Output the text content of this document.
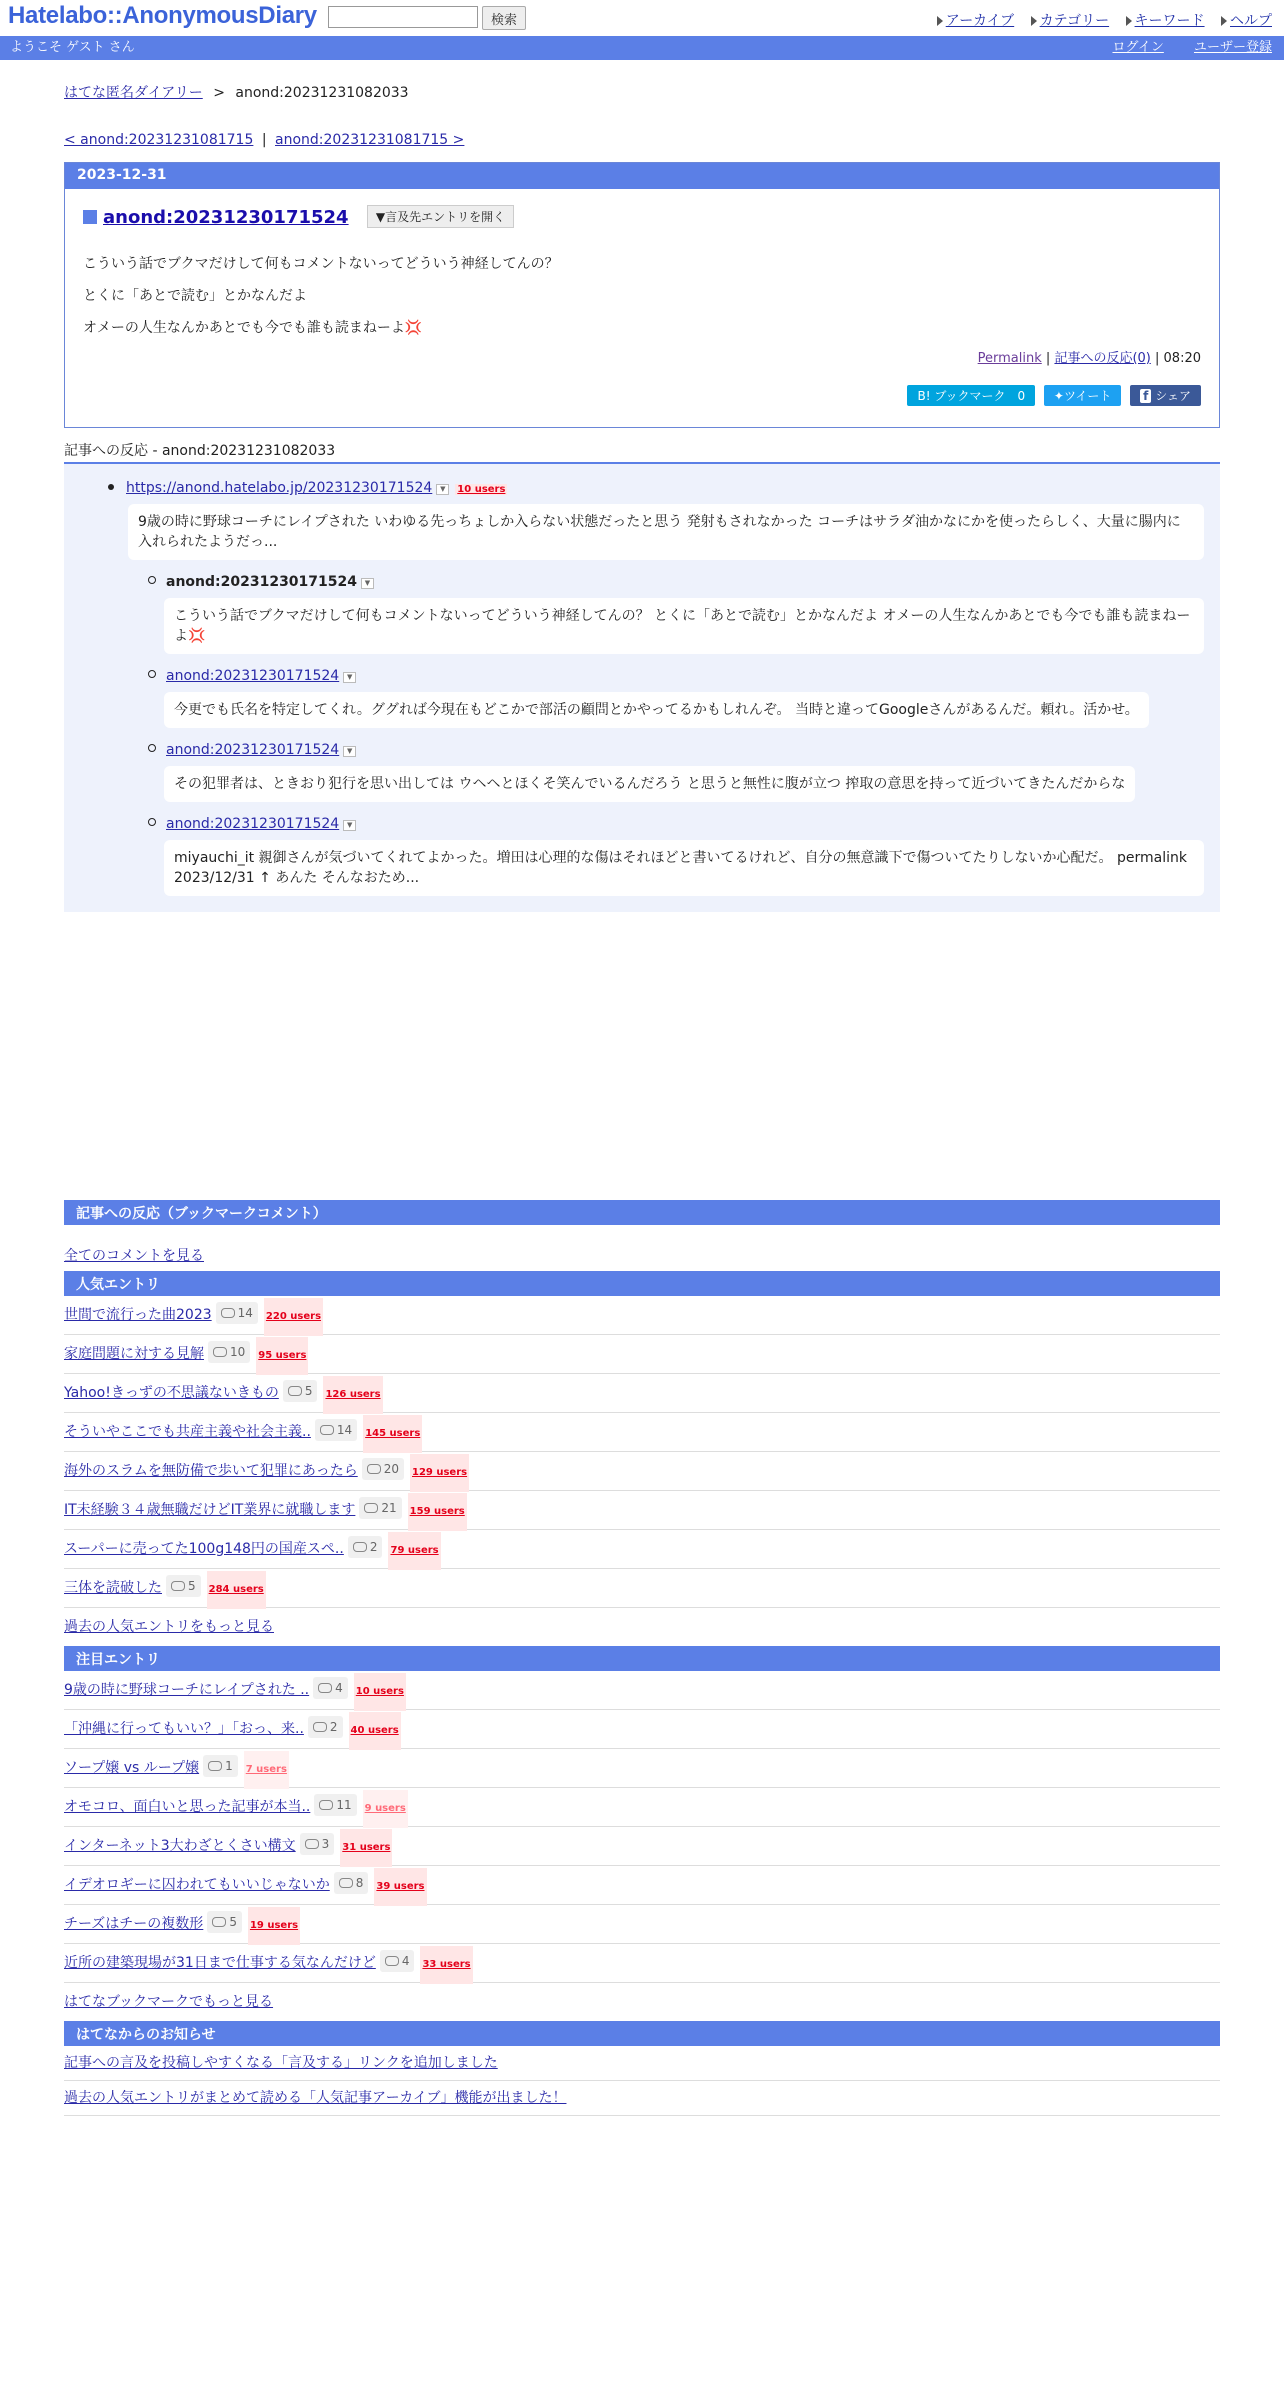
Hatelabo::AnonymousDiary	検索	アーカイブ カテゴリー キーワード ヘルプ
ようこそ ゲスト さん	ログイン ユーザー登録
はてな匿名ダイアリー > anond:20231231082033
< anond:20231231081715 | anond:20231231081715 >
2023-12-31
anond:20231230171524 ▼言及先エントリを開く

こういう話でブクマだけして何もコメントないってどういう神経してんの？

とくに「あとで読む」とかなんだよ

オメーの人生なんかあとでも今でも誰も読まねーよ💢

Permalink | 記事への反応(0) | 08:20
B! ブックマーク　0 ✦ツイート	f シェア
記事への反応 - anond:20231231082033
https://anond.hatelabo.jp/20231230171524 ▼ 10 users
9歳の時に野球コーチにレイプされた いわゆる先っちょしか入らない状態だったと思う 発射もされなかった コーチはサラダ油かなにかを使ったらしく、大量に腸内に入れられたようだっ...
anond:20231230171524 ▼ こういう話でブクマだけして何もコメントないってどういう神経してんの？ とくに「あとで読む」とかなんだよ オメーの人生なんかあとでも今でも誰も読まねーよ💢
anond:20231230171524 ▼
今更でも氏名を特定してくれ。ググれば今現在もどこかで部活の顧問とかやってるかもしれんぞ。 当時と違ってGoogleさんがあるんだ。頼れ。活かせ。
anond:20231230171524 ▼
その犯罪者は、ときおり犯行を思い出しては ウヘヘとほくそ笑んでいるんだろう と思うと無性に腹が立つ 搾取の意思を持って近づいてきたんだからな
anond:20231230171524 ▼ miyauchi_it 親御さんが気づいてくれてよかった。増田は心理的な傷はそれほどと書いてるけれど、自分の無意識下で傷ついてたりしないか心配だ。 permalink 2023/12/31 ↑ あんた そんなおため...
記事への反応（ブックマークコメント）
全てのコメントを見る
人気エントリ
世間で流行った曲2023 14 220 users
家庭問題に対する見解 10 95 users
Yahoo!きっずの不思議ないきもの 5 126 users
そういやここでも共産主義や社会主義.. 14 145 users
海外のスラムを無防備で歩いて犯罪にあったら 20 129 users
IT未経験３４歳無職だけどIT業界に就職します 21 159 users
スーパーに売ってた100g148円の国産スペ.. 2 79 users
三体を読破した 5 284 users
過去の人気エントリをもっと見る
注目エントリ
9歳の時に野球コーチにレイプされた .. 4 10 users
「沖縄に行ってもいい？」「おっ、来.. 2 40 users
ソープ嬢 vs ループ嬢 1 7 users
オモコロ、面白いと思った記事が本当.. 11 9 users
インターネット3大わざとくさい構文 3 31 users
イデオロギーに囚われてもいいじゃないか 8 39 users
チーズはチーの複数形 5 19 users
近所の建築現場が31日まで仕事する気なんだけど 4 33 users
はてなブックマークでもっと見る
はてなからのお知らせ
記事への言及を投稿しやすくなる「言及する」リンクを追加しました
過去の人気エントリがまとめて読める「人気記事アーカイブ」機能が出ました！
